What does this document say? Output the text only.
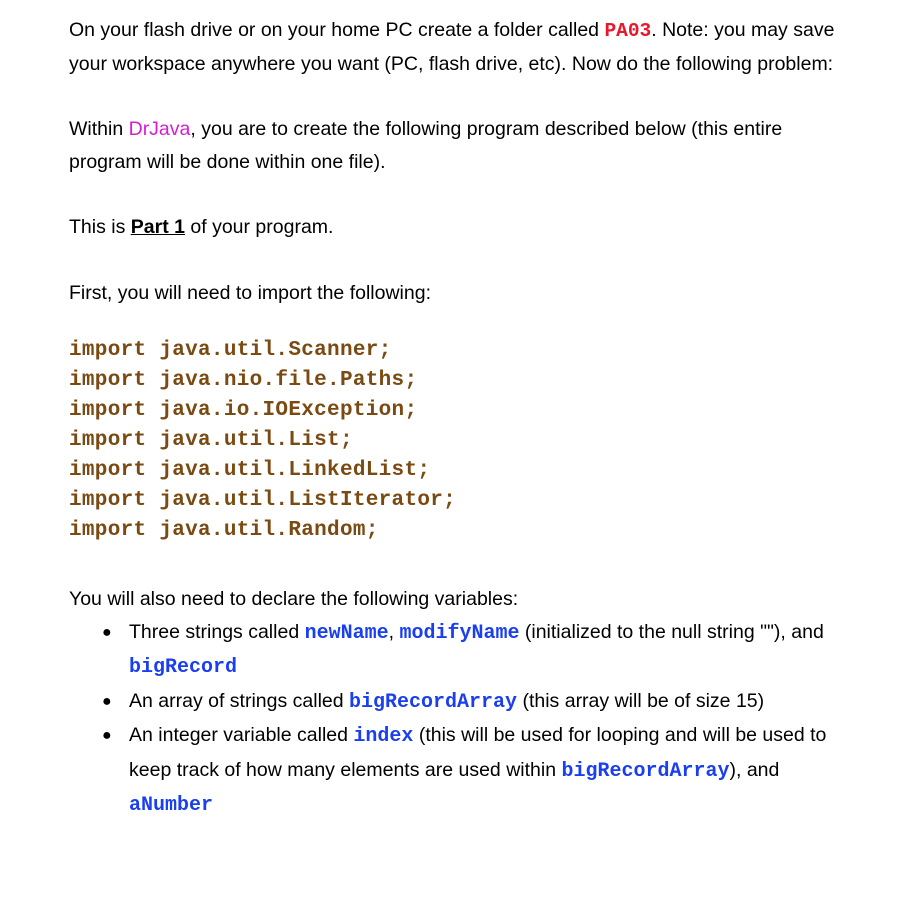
On your flash drive or on your home PC create a folder called PA03. Note: you may save your workspace anywhere you want (PC, flash drive, etc). Now do the following problem:

Within DrJava, you are to create the following program described below (this entire program will be done within one file).

This is Part 1 of your program.

First, you will need to import the following:

import java.util.Scanner;
import java.nio.file.Paths;
import java.io.IOException;
import java.util.List;
import java.util.LinkedList;
import java.util.ListIterator;
import java.util.Random;

You will also need to declare the following variables:

● Three strings called newName, modifyName (initialized to the null string ""), and bigRecord
● An array of strings called bigRecordArray (this array will be of size 15)
● An integer variable called index (this will be used for looping and will be used to keep track of how many elements are used within bigRecordArray), and aNumber
